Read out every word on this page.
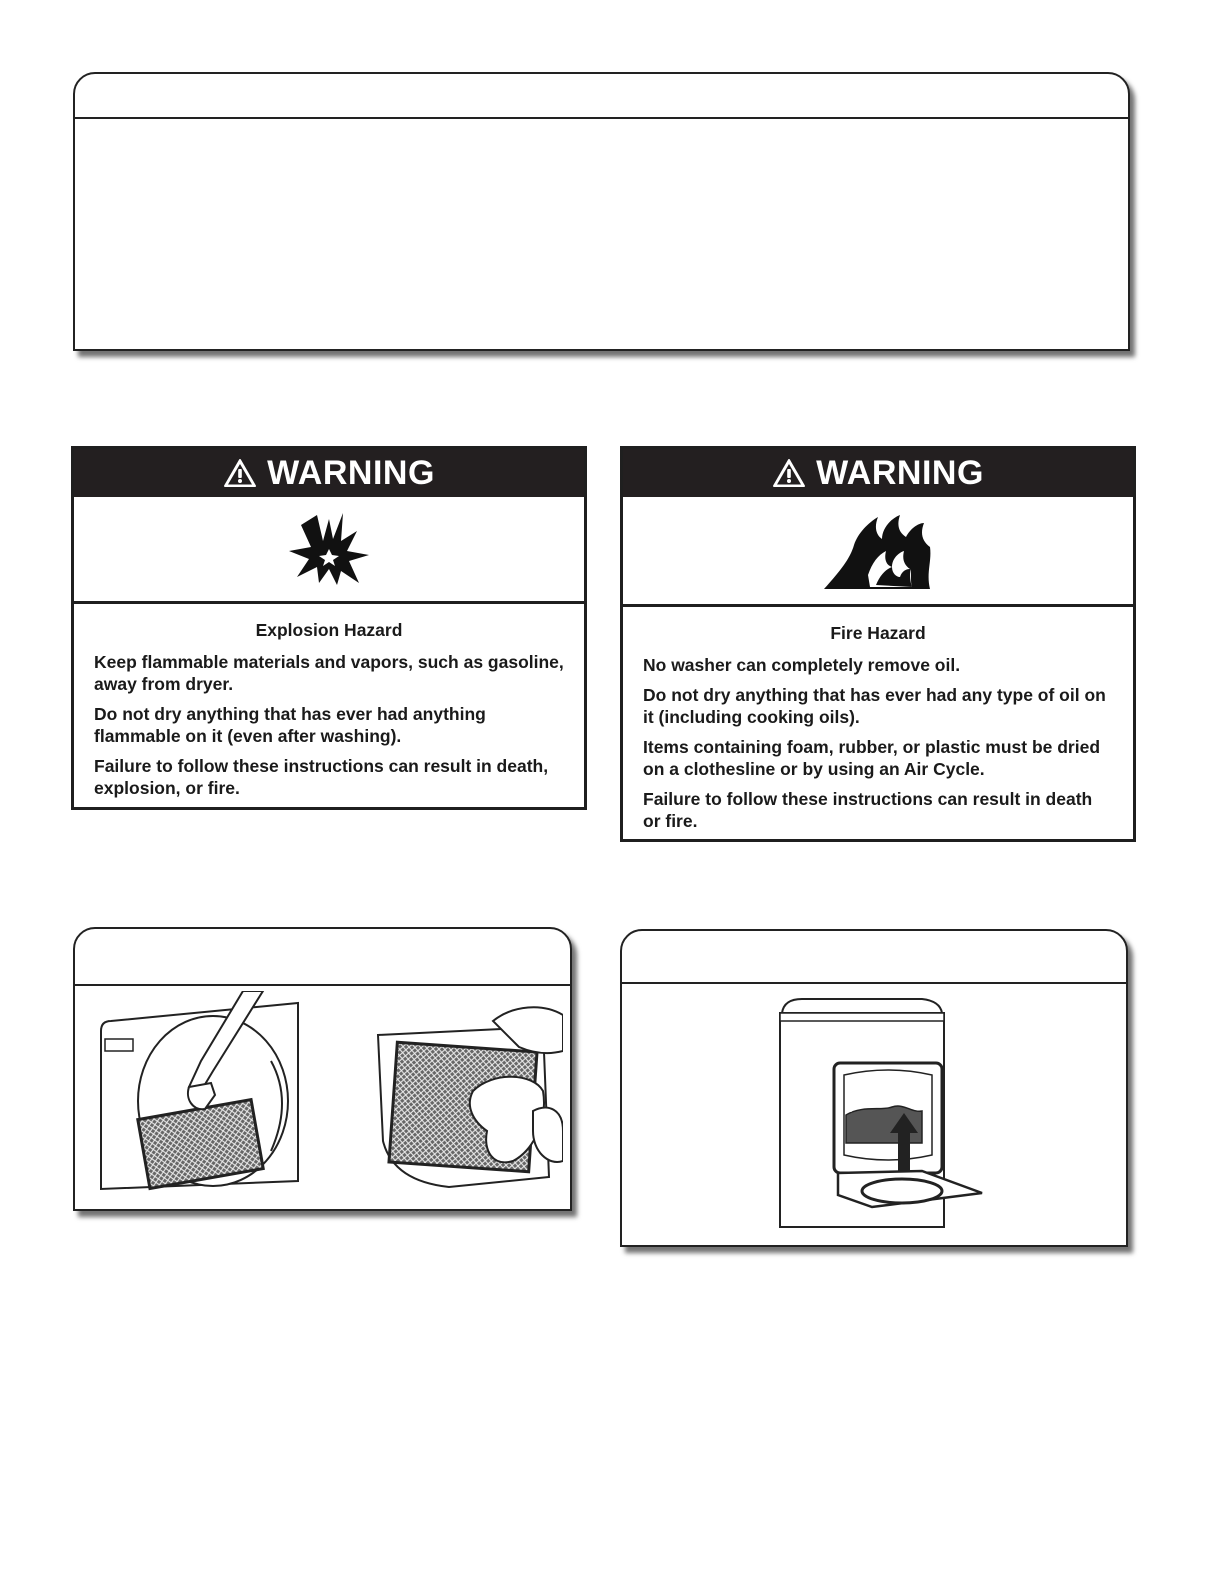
WARNING

Explosion Hazard

Keep flammable materials and vapors, such as gasoline, away from dryer.

Do not dry anything that has ever had anything flammable on it (even after washing).

Failure to follow these instructions can result in death, explosion, or fire.

WARNING

Fire Hazard

No washer can completely remove oil.

Do not dry anything that has ever had any type of oil on it (including cooking oils).

Items containing foam, rubber, or plastic must be dried on a clothesline or by using an Air Cycle.

Failure to follow these instructions can result in death or fire.
